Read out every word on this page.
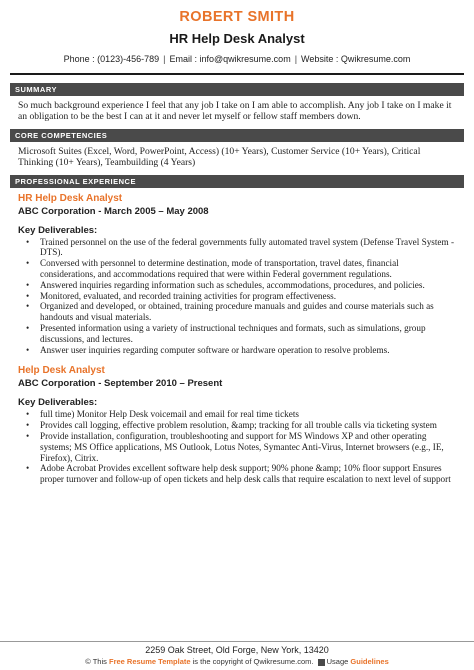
ROBERT SMITH
HR Help Desk Analyst
Phone : (0123)-456-789 | Email : info@qwikresume.com | Website : Qwikresume.com
SUMMARY
So much background experience I feel that any job I take on I am able to accomplish. Any job I take on I make it an obligation to be the best I can at it and never let myself or fellow staff members down.
CORE COMPETENCIES
Microsoft Suites (Excel, Word, PowerPoint, Access) (10+ Years), Customer Service (10+ Years), Critical Thinking (10+ Years), Teambuilding (4 Years)
PROFESSIONAL EXPERIENCE
HR Help Desk Analyst
ABC Corporation - March 2005 – May 2008
Key Deliverables:
• Trained personnel on the use of the federal governments fully automated travel system (Defense Travel System - DTS).
• Conversed with personnel to determine destination, mode of transportation, travel dates, financial considerations, and accommodations required that were within Federal government regulations.
• Answered inquiries regarding information such as schedules, accommodations, procedures, and policies.
• Monitored, evaluated, and recorded training activities for program effectiveness.
• Organized and developed, or obtained, training procedure manuals and guides and course materials such as handouts and visual materials.
• Presented information using a variety of instructional techniques and formats, such as simulations, group discussions, and lectures.
• Answer user inquiries regarding computer software or hardware operation to resolve problems.
Help Desk Analyst
ABC Corporation - September 2010 – Present
Key Deliverables:
• full time) Monitor Help Desk voicemail and email for real time tickets
• Provides call logging, effective problem resolution, &amp; tracking for all trouble calls via ticketing system
• Provide installation, configuration, troubleshooting and support for MS Windows XP and other operating systems; MS Office applications, MS Outlook, Lotus Notes, Symantec Anti-Virus, Internet browsers (e.g., IE, Firefox), Citrix.
• Adobe Acrobat Provides excellent software help desk support; 90% phone &amp; 10% floor support Ensures proper turnover and follow-up of open tickets and help desk calls that require escalation to next level of support
2259 Oak Street, Old Forge, New York, 13420
© This Free Resume Template is the copyright of Qwikresume.com. Usage Guidelines
